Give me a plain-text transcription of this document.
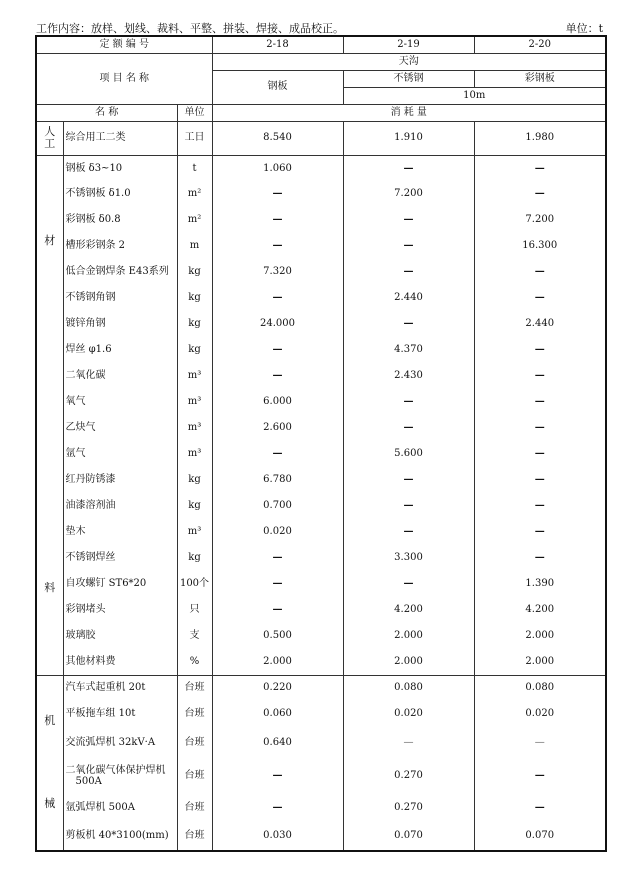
工作内容：放样、划线、裁料、平整、拼装、焊接、成品校正。	单位：t
定 额 编 号			2-18	2-19	2-20
项 目 名 称			天沟		
			钢板	不锈钢	彩钢板
				10m	
名 称		单位	消 耗 量		
人工	综合用工二类	工日	8.540	1.910	1.980

材
料	钢板 δ3~10	t	1.060	—	—
	不锈钢板 δ1.0	m²	—	7.200	—
	彩钢板 δ0.8	m²	—	—	7.200
	槽形彩钢条 2	m	—	—	16.300
	低合金钢焊条 E43系列	kg	7.320	—	—
	不锈钢角钢	kg	—	2.440	—
	镀锌角钢	kg	24.000	—	2.440
	焊丝 φ1.6	kg	—	4.370	—
	二氧化碳	m³	—	2.430	—
	氧气	m³	6.000	—	—
	乙炔气	m³	2.600	—	—
	氩气	m³	—	5.600	—
	红丹防锈漆	kg	6.780	—	—
	油漆溶剂油	kg	0.700	—	—
	垫木	m³	0.020	—	—
	不锈钢焊丝	kg	—	3.300	—
	自攻螺钉 ST6*20	100个	—	—	1.390
	彩钢堵头	只	—	4.200	4.200
	玻璃胶	支	0.500	2.000	2.000
	其他材料费	%	2.000	2.000	2.000

机
械	汽车式起重机 20t	台班	0.220	0.080	0.080
	平板拖车组 10t	台班	0.060	0.020	0.020
	交流弧焊机 32kV·A	台班	0.640	—	—

	二氧化碳气体保护焊机
500A	台班	—	0.270	—
	氩弧焊机 500A	台班	—	0.270	—
	剪板机 40*3100(mm)	台班	0.030	0.070	0.070
